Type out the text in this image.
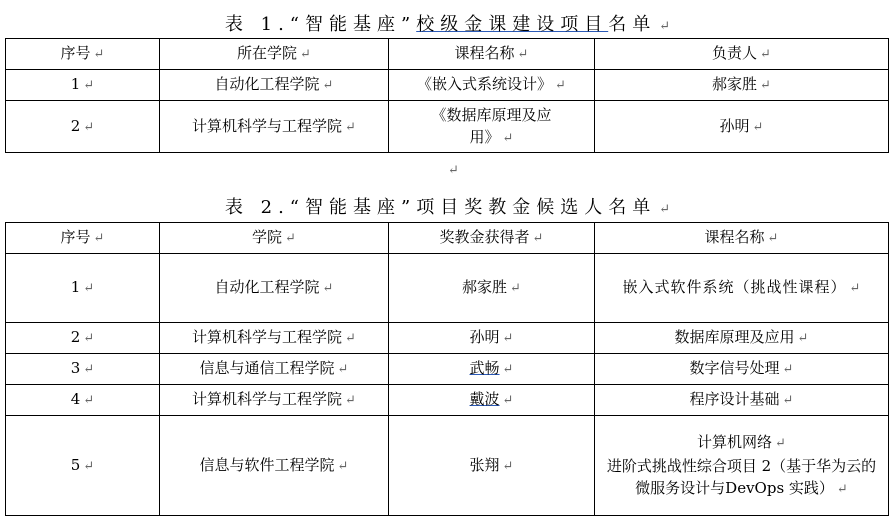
表 1.“智能基座”校级金课建设项目名单 ↵
序号 ↵	所在学院 ↵	课程名称 ↵	负责人 ↵
1 ↵	自动化工程学院 ↵	《嵌入式系统设计》 ↵	郝家胜 ↵
2 ↵	计算机科学与工程学院 ↵	《数据库原理及应用》 ↵	孙明 ↵
↵
表 2.“智能基座”项目奖教金候选人名单 ↵
序号 ↵	学院 ↵	奖教金获得者 ↵	课程名称 ↵
1 ↵	自动化工程学院 ↵	郝家胜 ↵	嵌入式软件系统（挑战性课程） ↵
2 ↵	计算机科学与工程学院 ↵	孙明 ↵	数据库原理及应用 ↵
3 ↵	信息与通信工程学院 ↵	武畅 ↵	数字信号处理 ↵
4 ↵	计算机科学与工程学院 ↵	戴波 ↵	程序设计基础 ↵
5 ↵	信息与软件工程学院 ↵	张翔 ↵	计算机网络 ↵
进阶式挑战性综合项目 2（基于华为云的微服务设计与DevOps 实践） ↵
